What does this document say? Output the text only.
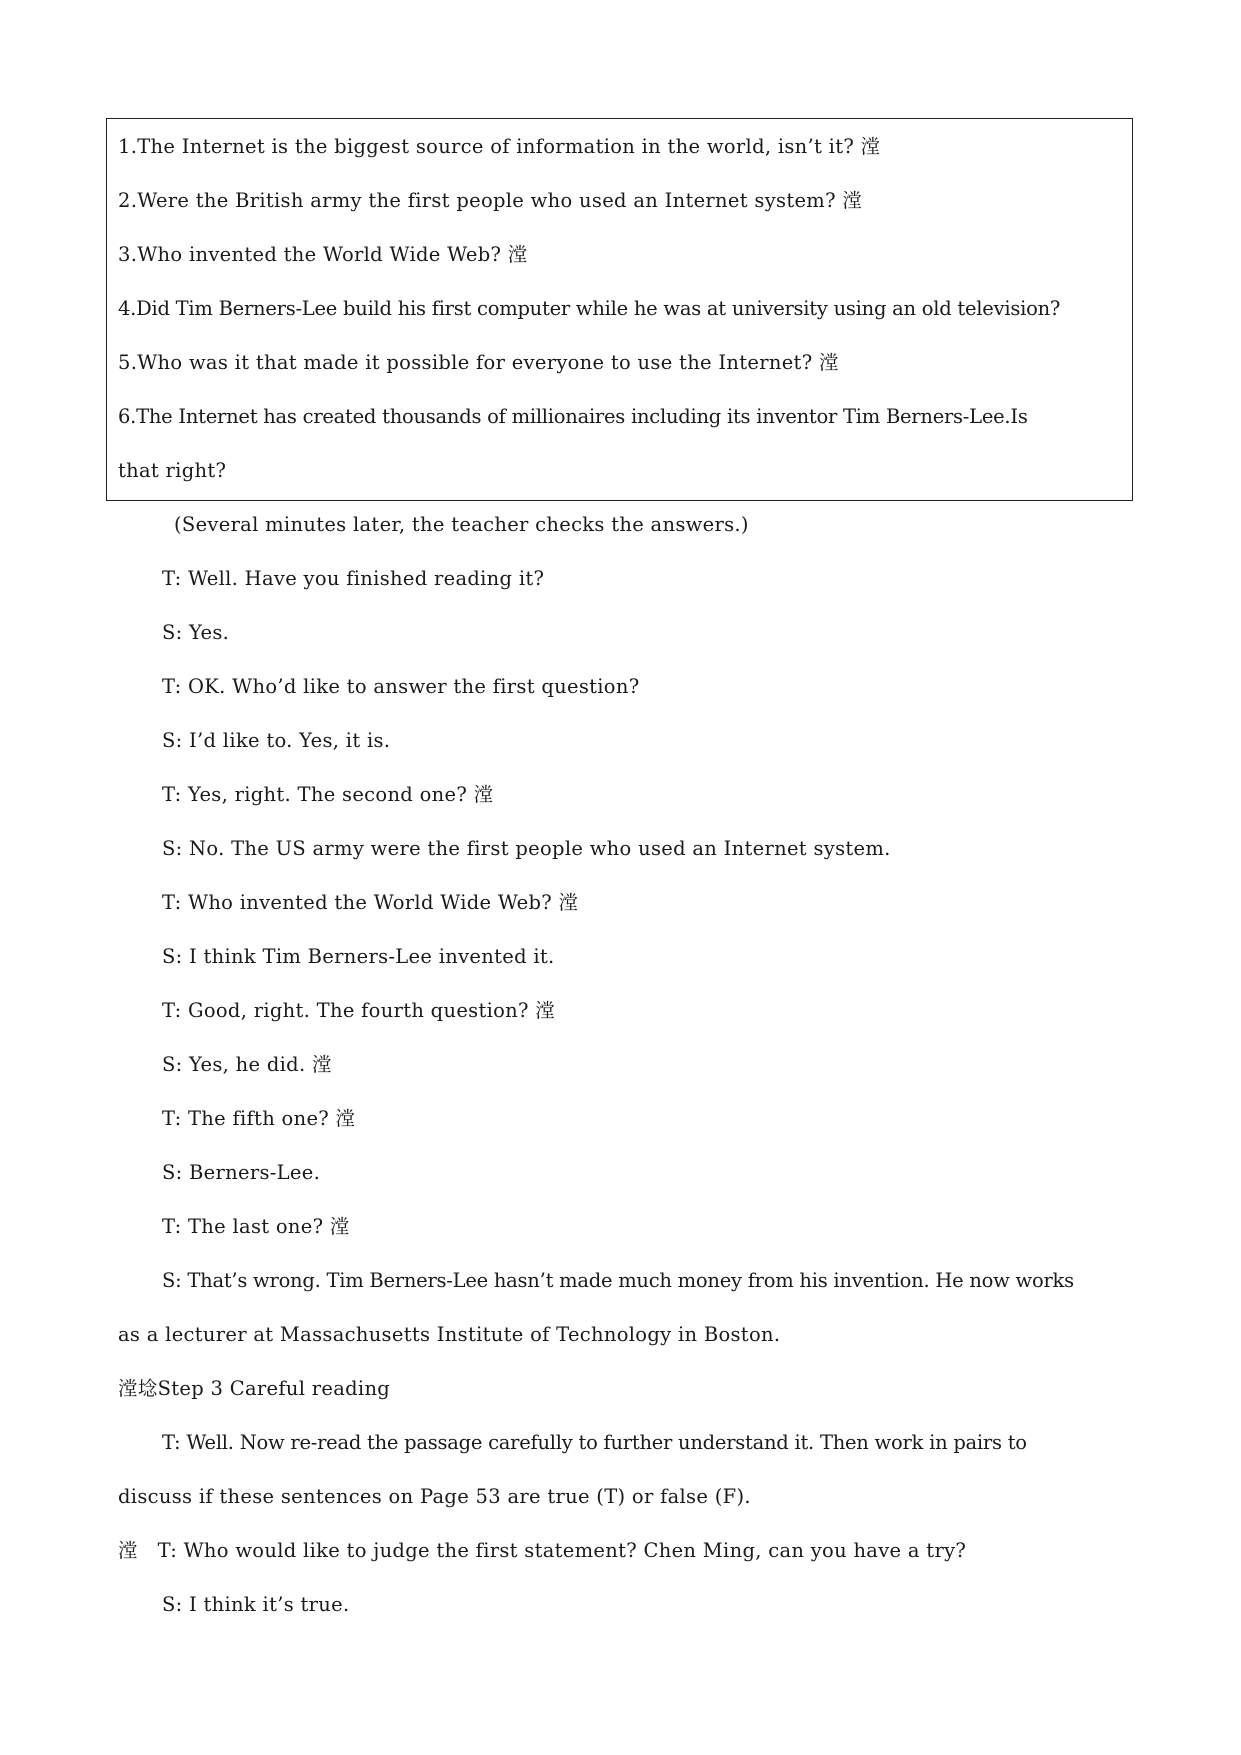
1.The Internet is the biggest source of information in the world, isn’t it? 漟
2.Were the British army the first people who used an Internet system? 漟
3.Who invented the World Wide Web? 漟
4.Did Tim Berners-Lee build his first computer while he was at university using an old television?
5.Who was it that made it possible for everyone to use the Internet? 漟
6.The Internet has created thousands of millionaires including its inventor Tim Berners-Lee.Is
that right?
(Several minutes later, the teacher checks the answers.)
T: Well. Have you finished reading it?
S: Yes.
T: OK. Who’d like to answer the first question?
S: I’d like to. Yes, it is.
T: Yes, right. The second one? 漟
S: No. The US army were the first people who used an Internet system.
T: Who invented the World Wide Web? 漟
S: I think Tim Berners-Lee invented it.
T: Good, right. The fourth question? 漟
S: Yes, he did. 漟
T: The fifth one? 漟
S: Berners-Lee.
T: The last one? 漟
S: That’s wrong. Tim Berners-Lee hasn’t made much money from his invention. He now works
as a lecturer at Massachusetts Institute of Technology in Boston.
漟埝Step 3 Careful reading
T: Well. Now re-read the passage carefully to further understand it. Then work in pairs to
discuss if these sentences on Page 53 are true (T) or false (F).
漟　T: Who would like to judge the first statement? Chen Ming, can you have a try?
S: I think it’s true.
